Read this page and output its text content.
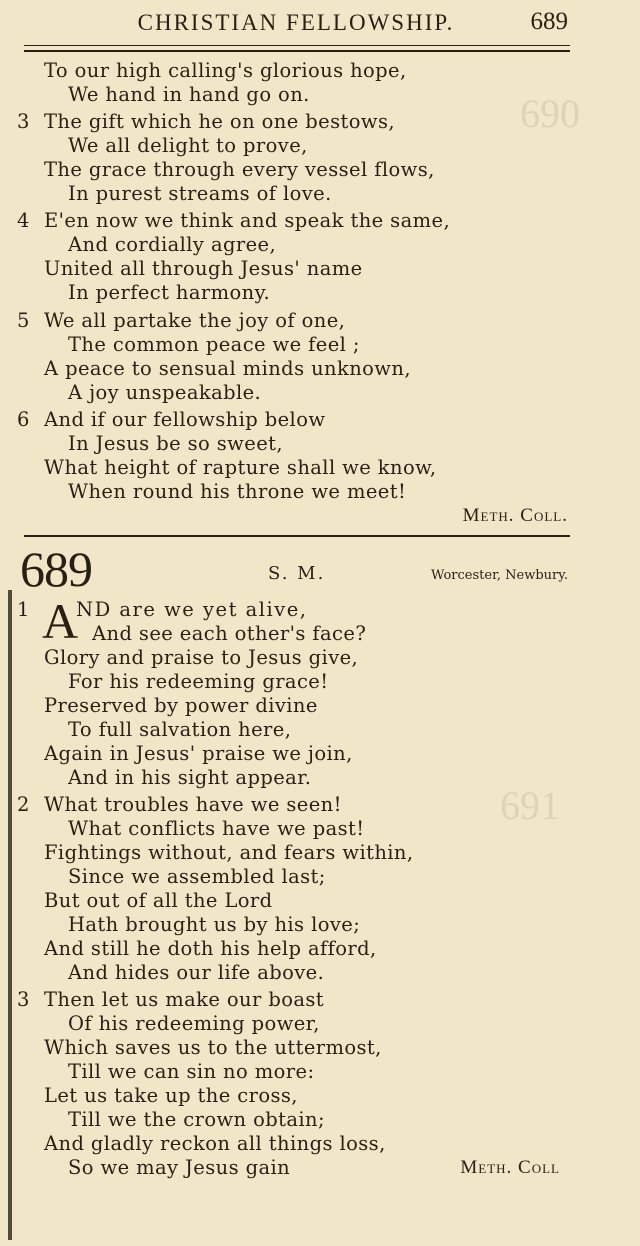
690
691
CHRISTIAN FELLOWSHIP.	689
To our high calling's glorious hope,
We hand in hand go on.
3 The gift which he on one bestows,
We all delight to prove,
The grace through every vessel flows,
In purest streams of love.
4 E'en now we think and speak the same,
And cordially agree,
United all through Jesus' name
In perfect harmony.
5 We all partake the joy of one,
The common peace we feel ;
A peace to sensual minds unknown,
A joy unspeakable.
6 And if our fellowship below
In Jesus be so sweet,
What height of rapture shall we know,
When round his throne we meet!
Meth. Coll.
689	S. M.	Worcester, Newbury.
1 A
ND are we yet alive,
And see each other's face?
Glory and praise to Jesus give,
For his redeeming grace!
Preserved by power divine
To full salvation here,
Again in Jesus' praise we join,
And in his sight appear.
2 What troubles have we seen!
What conflicts have we past!
Fightings without, and fears within,
Since we assembled last;
But out of all the Lord
Hath brought us by his love;
And still he doth his help afford,
And hides our life above.
3 Then let us make our boast
Of his redeeming power,
Which saves us to the uttermost,
Till we can sin no more:
Let us take up the cross,
Till we the crown obtain;
And gladly reckon all things loss,
So we may Jesus gain	Meth. Coll
